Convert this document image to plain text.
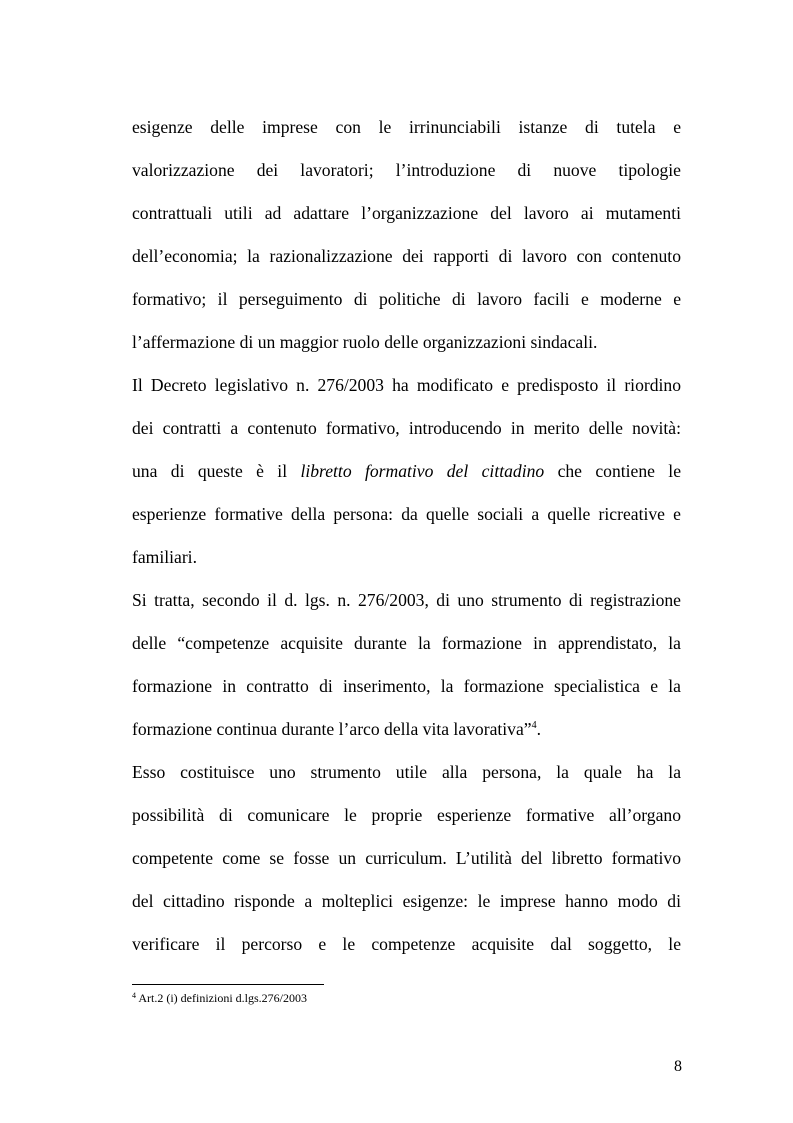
esigenze delle imprese con le irrinunciabili istanze di tutela e
valorizzazione dei lavoratori; l’introduzione di nuove tipologie
contrattuali utili ad adattare l’organizzazione del lavoro ai mutamenti
dell’economia; la razionalizzazione dei rapporti di lavoro con contenuto
formativo; il perseguimento di politiche di lavoro facili e moderne e
l’affermazione di un maggior ruolo delle organizzazioni sindacali.
Il Decreto legislativo n. 276/2003 ha modificato e predisposto il riordino
dei contratti a contenuto formativo, introducendo in merito delle novità:
una di queste è il libretto formativo del cittadino che contiene le
esperienze formative della persona: da quelle sociali a quelle ricreative e
familiari.
Si tratta, secondo il d. lgs. n. 276/2003, di uno strumento di registrazione
delle “competenze acquisite durante la formazione in apprendistato, la
formazione in contratto di inserimento, la formazione specialistica e la
formazione continua durante l’arco della vita lavorativa”$^4$.
Esso costituisce uno strumento utile alla persona, la quale ha la
possibilità di comunicare le proprie esperienze formative all’organo
competente come se fosse un curriculum. L’utilità del libretto formativo
del cittadino risponde a molteplici esigenze: le imprese hanno modo di
verificare il percorso e le competenze acquisite dal soggetto, le
$^4$ Art.2 (i) definizioni d.lgs.276/2003
8
